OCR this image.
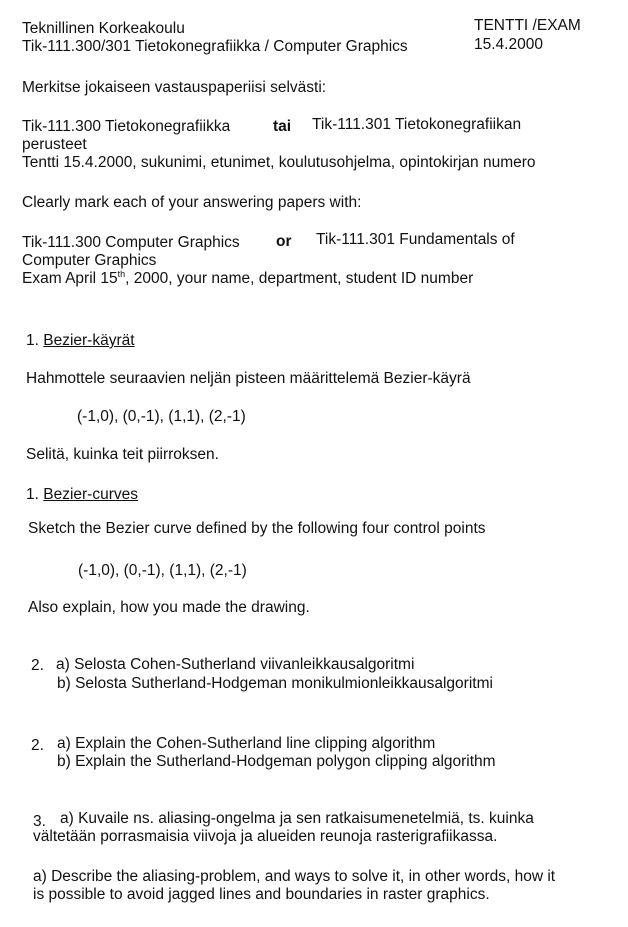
Teknillinen Korkeakoulu
Tik-111.300/301 Tietokonegrafiikka / Computer Graphics
TENTTI /EXAM
15.4.2000
Merkitse jokaiseen vastauspaperiisi selvästi:
Tik-111.300 Tietokonegrafiikka	tai Tik-111.301 Tietokonegrafiikan
perusteet
Tentti 15.4.2000, sukunimi, etunimet, koulutusohjelma, opintokirjan numero
Clearly mark each of your answering papers with:
Tik-111.300 Computer Graphics or Tik-111.301 Fundamentals of
Computer Graphics
Exam April 15th, 2000, your name, department, student ID number
1. Bezier-käyrät
Hahmottele seuraavien neljän pisteen määrittelemä Bezier-käyrä
(-1,0), (0,-1), (1,1), (2,-1)
Selitä, kuinka teit piirroksen.
1. Bezier-curves
Sketch the Bezier curve defined by the following four control points
(-1,0), (0,-1), (1,1), (2,-1)
Also explain, how you made the drawing.
2. a) Selosta Cohen-Sutherland viivanleikkausalgoritmi
b) Selosta Sutherland-Hodgeman monikulmionleikkausalgoritmi
2. a) Explain the Cohen-Sutherland line clipping algorithm
b) Explain the Sutherland-Hodgeman polygon clipping algorithm
3. a) Kuvaile ns. aliasing-ongelma ja sen ratkaisumenetelmiä, ts. kuinka
vältetään porrasmaisia viivoja ja alueiden reunoja rasterigrafiikassa.
a) Describe the aliasing-problem, and ways to solve it, in other words, how it
is possible to avoid jagged lines and boundaries in raster graphics.
